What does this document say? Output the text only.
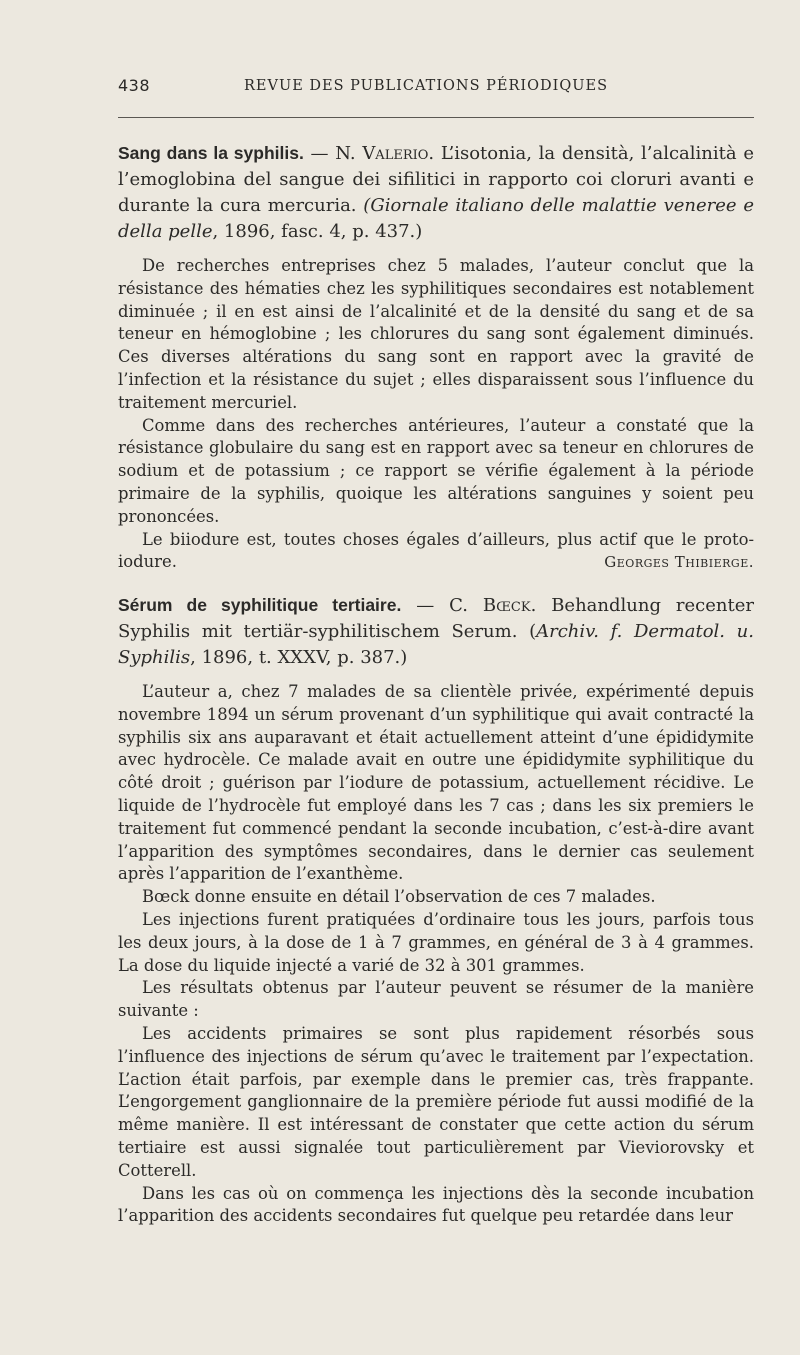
438	REVUE DES PUBLICATIONS PÉRIODIQUES
Sang dans la syphilis. — N. Valerio. L’isotonia, la densità, l’alcalinità e l’emoglobina del sangue dei sifilitici in rapporto coi cloruri avanti e durante la cura mercuria. (Giornale italiano delle malattie veneree e della pelle, 1896, fasc. 4, p. 437.)

De recherches entreprises chez 5 malades, l’auteur conclut que la résistance des hématies chez les syphilitiques secondaires est notablement diminuée ; il en est ainsi de l’alcalinité et de la densité du sang et de sa teneur en hémoglobine ; les chlorures du sang sont également diminués. Ces diverses altérations du sang sont en rapport avec la gravité de l’infection et la résistance du sujet ; elles disparaissent sous l’influence du traitement mercuriel.

Comme dans des recherches antérieures, l’auteur a constaté que la résistance globulaire du sang est en rapport avec sa teneur en chlorures de sodium et de potassium ; ce rapport se vérifie également à la période primaire de la syphilis, quoique les altérations sanguines y soient peu prononcées.

Le biiodure est, toutes choses égales d’ailleurs, plus actif que le proto-iodure.	Georges Thibierge.

Sérum de syphilitique tertiaire. — C. Bœck. Behandlung recenter Syphilis mit tertiär-syphilitischem Serum. (Archiv. f. Dermatol. u. Syphilis, 1896, t. XXXV, p. 387.)

L’auteur a, chez 7 malades de sa clientèle privée, expérimenté depuis novembre 1894 un sérum provenant d’un syphilitique qui avait contracté la syphilis six ans auparavant et était actuellement atteint d’une épididymite avec hydrocèle. Ce malade avait en outre une épididymite syphilitique du côté droit ; guérison par l’iodure de potassium, actuellement récidive. Le liquide de l’hydrocèle fut employé dans les 7 cas ; dans les six premiers le traitement fut commencé pendant la seconde incubation, c’est-à-dire avant l’apparition des symptômes secondaires, dans le dernier cas seulement après l’apparition de l’exanthème.

Bœck donne ensuite en détail l’observation de ces 7 malades.

Les injections furent pratiquées d’ordinaire tous les jours, parfois tous les deux jours, à la dose de 1 à 7 grammes, en général de 3 à 4 grammes. La dose du liquide injecté a varié de 32 à 301 grammes.

Les résultats obtenus par l’auteur peuvent se résumer de la manière suivante :

Les accidents primaires se sont plus rapidement résorbés sous l’influence des injections de sérum qu’avec le traitement par l’expectation. L’action était parfois, par exemple dans le premier cas, très frappante. L’engorgement ganglionnaire de la première période fut aussi modifié de la même manière. Il est intéressant de constater que cette action du sérum tertiaire est aussi signalée tout particulièrement par Vieviorovsky et Cotterell.

Dans les cas où on commença les injections dès la seconde incubation l’apparition des accidents secondaires fut quelque peu retardée dans leur
